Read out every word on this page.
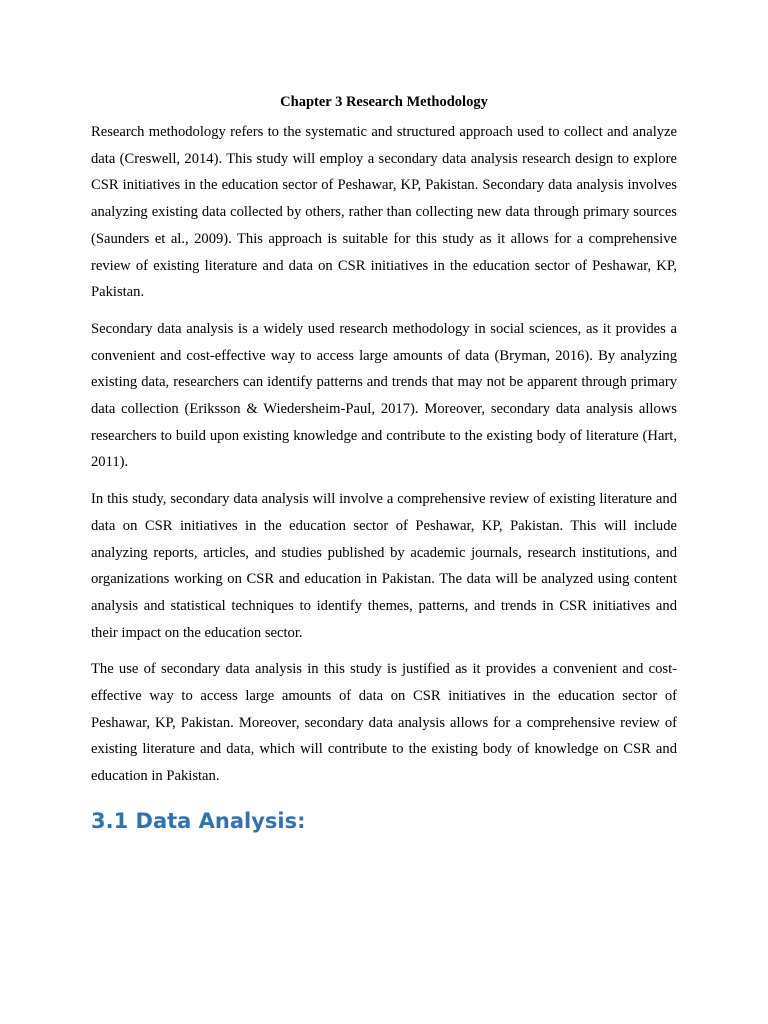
Chapter 3 Research Methodology

Research methodology refers to the systematic and structured approach used to collect and analyze data (Creswell, 2014). This study will employ a secondary data analysis research design to explore CSR initiatives in the education sector of Peshawar, KP, Pakistan. Secondary data analysis involves analyzing existing data collected by others, rather than collecting new data through primary sources (Saunders et al., 2009). This approach is suitable for this study as it allows for a comprehensive review of existing literature and data on CSR initiatives in the education sector of Peshawar, KP, Pakistan.

Secondary data analysis is a widely used research methodology in social sciences, as it provides a convenient and cost-effective way to access large amounts of data (Bryman, 2016). By analyzing existing data, researchers can identify patterns and trends that may not be apparent through primary data collection (Eriksson & Wiedersheim-Paul, 2017). Moreover, secondary data analysis allows researchers to build upon existing knowledge and contribute to the existing body of literature (Hart, 2011).

In this study, secondary data analysis will involve a comprehensive review of existing literature and data on CSR initiatives in the education sector of Peshawar, KP, Pakistan. This will include analyzing reports, articles, and studies published by academic journals, research institutions, and organizations working on CSR and education in Pakistan. The data will be analyzed using content analysis and statistical techniques to identify themes, patterns, and trends in CSR initiatives and their impact on the education sector.

The use of secondary data analysis in this study is justified as it provides a convenient and cost-effective way to access large amounts of data on CSR initiatives in the education sector of Peshawar, KP, Pakistan. Moreover, secondary data analysis allows for a comprehensive review of existing literature and data, which will contribute to the existing body of knowledge on CSR and education in Pakistan.

3.1 Data Analysis:
